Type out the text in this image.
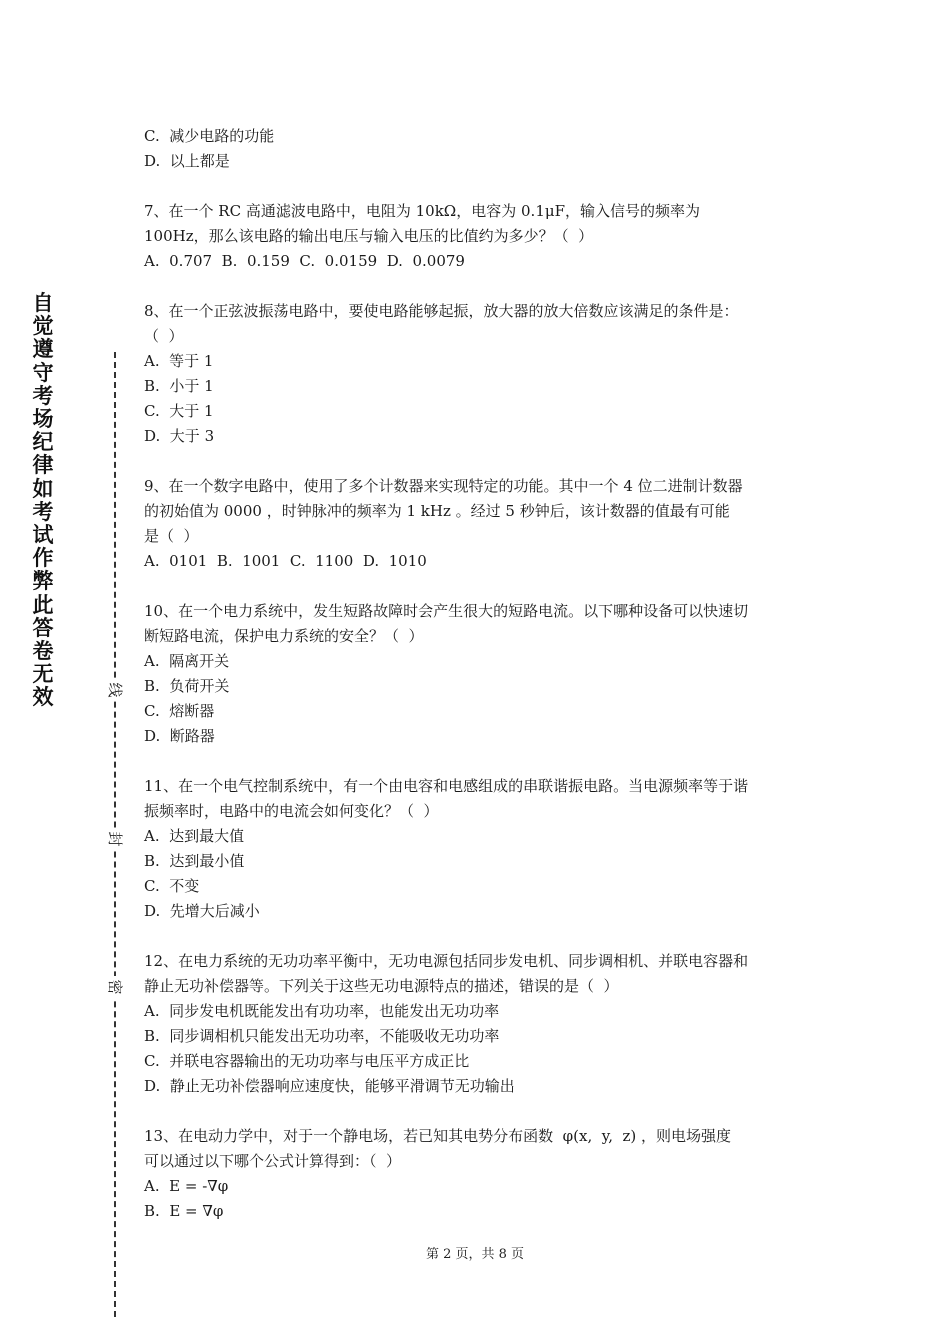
自觉遵守考场纪律如考试作弊此答卷无效	线
封
密
C.  减少电路的功能
D.  以上都是
7、在一个 RC 高通滤波电路中，电阻为 10kΩ，电容为 0.1μF，输入信号的频率为
100Hz，那么该电路的输出电压与输入电压的比值约为多少？（  ）
A.  0.707  B.  0.159  C.  0.0159  D.  0.0079
8、在一个正弦波振荡电路中，要使电路能够起振，放大器的放大倍数应该满足的条件是：
（  ）
A.  等于 1
B.  小于 1
C.  大于 1
D.  大于 3
9、在一个数字电路中，使用了多个计数器来实现特定的功能。其中一个 4 位二进制计数器
的初始值为 0000 ，时钟脉冲的频率为 1 kHz 。经过 5 秒钟后，该计数器的值最有可能
是（  ）
A.  0101  B.  1001  C.  1100  D.  1010
10、在一个电力系统中，发生短路故障时会产生很大的短路电流。以下哪种设备可以快速切
断短路电流，保护电力系统的安全？（  ）
A.  隔离开关
B.  负荷开关
C.  熔断器
D.  断路器
11、在一个电气控制系统中，有一个由电容和电感组成的串联谐振电路。当电源频率等于谐
振频率时，电路中的电流会如何变化？（  ）
A.  达到最大值
B.  达到最小值
C.  不变
D.  先增大后减小
12、在电力系统的无功功率平衡中，无功电源包括同步发电机、同步调相机、并联电容器和
静止无功补偿器等。下列关于这些无功电源特点的描述，错误的是（  ）
A.  同步发电机既能发出有功功率，也能发出无功功率
B.  同步调相机只能发出无功功率，不能吸收无功功率
C.  并联电容器输出的无功功率与电压平方成正比
D.  静止无功补偿器响应速度快，能够平滑调节无功输出
13、在电动力学中，对于一个静电场，若已知其电势分布函数  φ(x,  y,  z) ，则电场强度
可以通过以下哪个公式计算得到：（  ）
A.  E = -∇φ
B.  E = ∇φ
第 2 页，共 8 页
